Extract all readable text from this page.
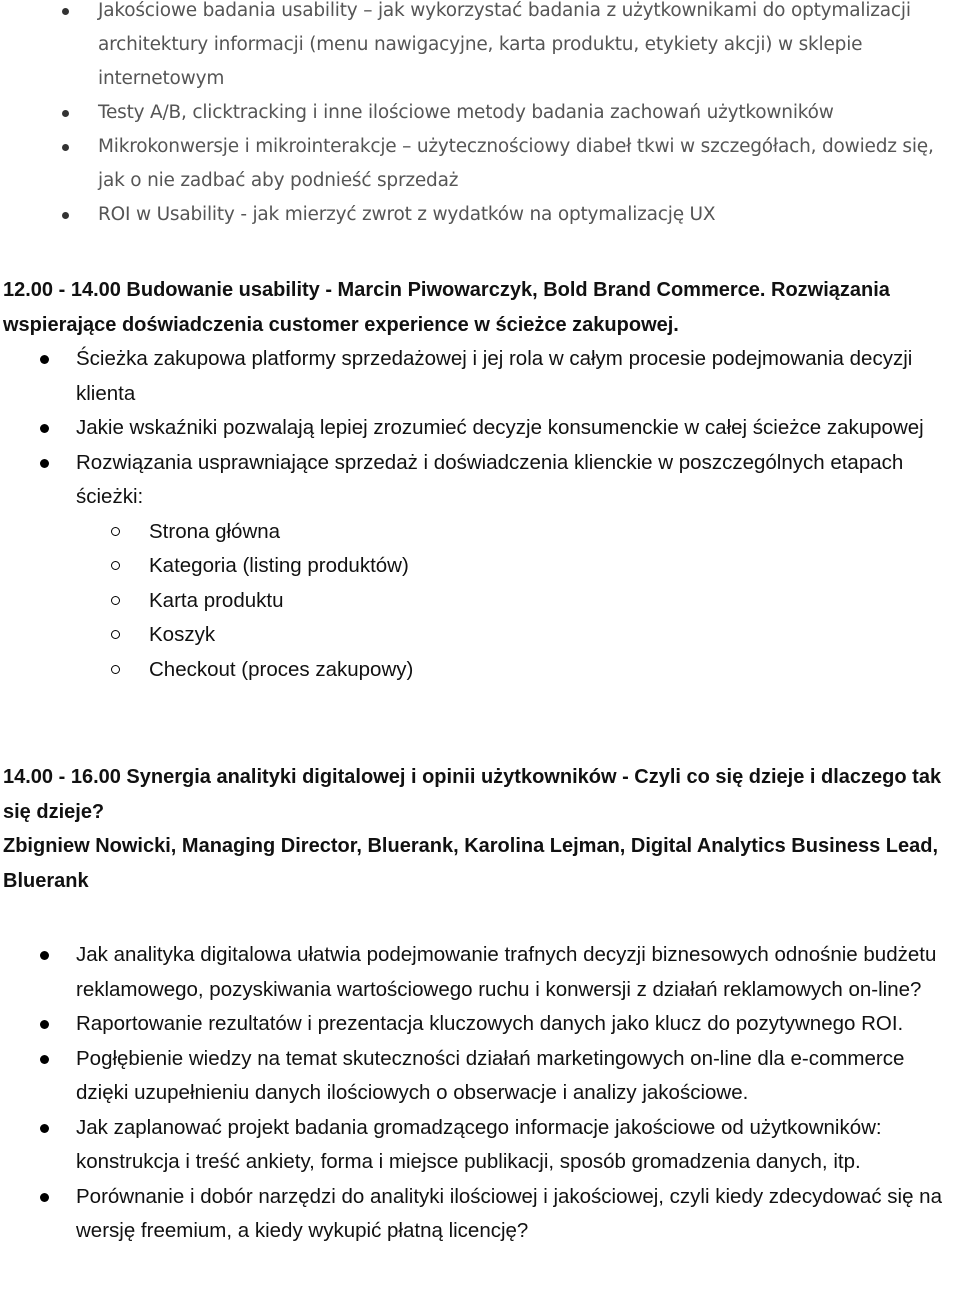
Jakościowe badania usability – jak wykorzystać badania z użytkownikami do optymalizacji architektury informacji (menu nawigacyjne, karta produktu, etykiety akcji) w sklepie internetowym
Testy A/B, clicktracking i inne ilościowe metody badania zachowań użytkowników
Mikrokonwersje i mikrointerakcje – użytecznościowy diabeł tkwi w szczegółach, dowiedz się, jak o nie zadbać aby podnieść sprzedaż
ROI w Usability - jak mierzyć zwrot z wydatków na optymalizację UX
12.00 - 14.00 Budowanie usability - Marcin Piwowarczyk, Bold Brand Commerce. Rozwiązania wspierające doświadczenia customer experience w ścieżce zakupowej.
Ścieżka zakupowa platformy sprzedażowej i jej rola w całym procesie podejmowania decyzji klienta
Jakie wskaźniki pozwalają lepiej zrozumieć decyzje konsumenckie w całej ścieżce zakupowej
Rozwiązania usprawniające sprzedaż i doświadczenia klienckie w poszczególnych etapach ścieżki:
Strona główna
Kategoria (listing produktów)
Karta produktu
Koszyk
Checkout (proces zakupowy)
14.00 - 16.00 Synergia analityki digitalowej i opinii użytkowników - Czyli co się dzieje i dlaczego tak się dzieje?
Zbigniew Nowicki, Managing Director, Bluerank, Karolina Lejman, Digital Analytics Business Lead, Bluerank
Jak analityka digitalowa ułatwia podejmowanie trafnych decyzji biznesowych odnośnie budżetu reklamowego, pozyskiwania wartościowego ruchu i konwersji z działań reklamowych on-line?
Raportowanie rezultatów i prezentacja kluczowych danych jako klucz do pozytywnego ROI.
Pogłębienie wiedzy na temat skuteczności działań marketingowych on-line dla e-commerce dzięki uzupełnieniu danych ilościowych o obserwacje i analizy jakościowe.
Jak zaplanować projekt badania gromadzącego informacje jakościowe od użytkowników: konstrukcja i treść ankiety, forma i miejsce publikacji, sposób gromadzenia danych, itp.
Porównanie i dobór narzędzi do analityki ilościowej i jakościowej, czyli kiedy zdecydować się na wersję freemium, a kiedy wykupić płatną licencję?
